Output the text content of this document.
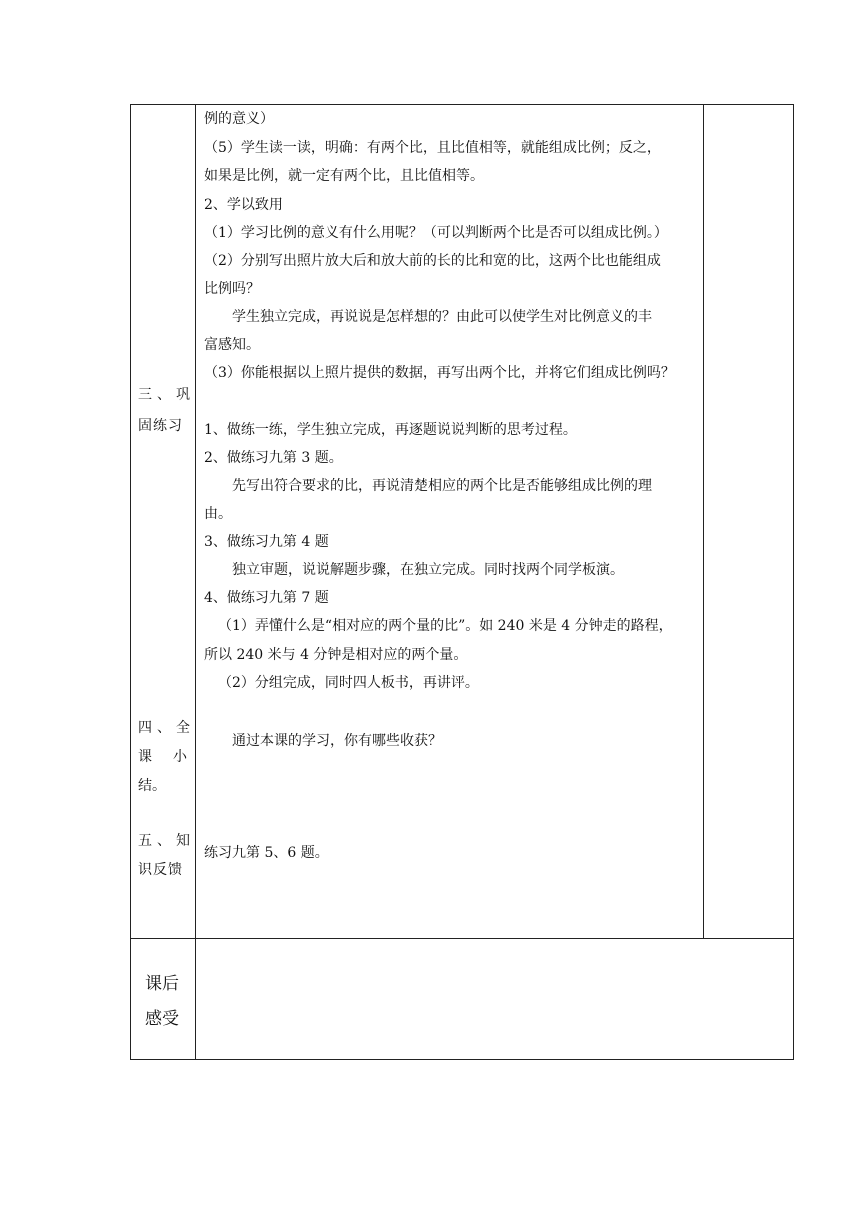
三、巩
固练习
四、全
课 小
结。
五、知
识反馈
课后
感受
例的意义）
（5）学生读一读，明确：有两个比，且比值相等，就能组成比例；反之，
如果是比例，就一定有两个比，且比值相等。
2、学以致用
（1）学习比例的意义有什么用呢？（可以判断两个比是否可以组成比例。）
（2）分别写出照片放大后和放大前的长的比和宽的比，这两个比也能组成
比例吗？
学生独立完成，再说说是怎样想的？由此可以使学生对比例意义的丰
富感知。
（3）你能根据以上照片提供的数据，再写出两个比，并将它们组成比例吗？
1、做练一练，学生独立完成，再逐题说说判断的思考过程。
2、做练习九第 3 题。
先写出符合要求的比，再说清楚相应的两个比是否能够组成比例的理
由。
3、做练习九第 4 题
独立审题，说说解题步骤，在独立完成。同时找两个同学板演。
4、做练习九第 7 题
（1）弄懂什么是“相对应的两个量的比”。如 240 米是 4 分钟走的路程，
所以 240 米与 4 分钟是相对应的两个量。
（2）分组完成，同时四人板书，再讲评。
通过本课的学习，你有哪些收获？
练习九第 5、6 题。
